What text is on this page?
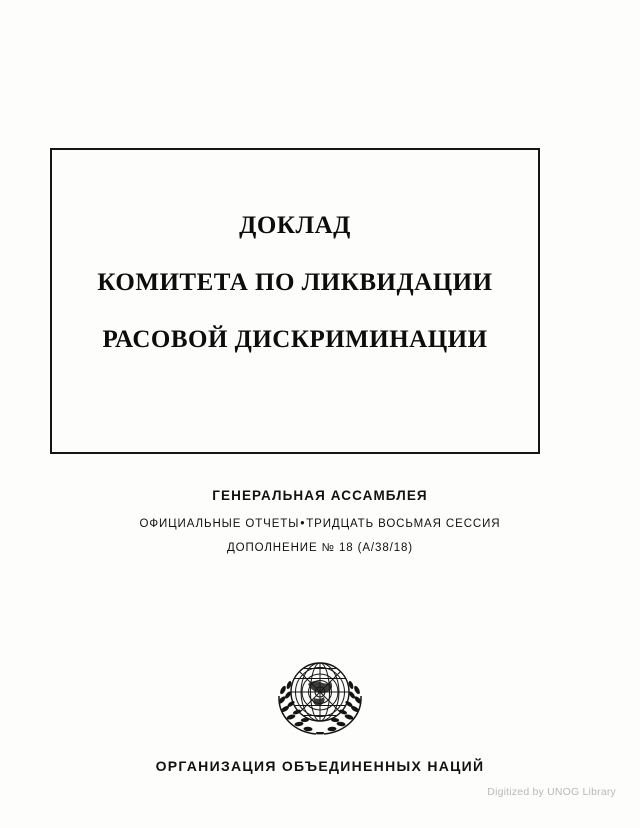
ДОКЛАД
КОМИТЕТА ПО ЛИКВИДАЦИИ
РАСОВОЙ ДИСКРИМИНАЦИИ
ГЕНЕРАЛЬНАЯ АССАМБЛЕЯ
ОФИЦИАЛЬНЫЕ ОТЧЕТЫ•ТРИДЦАТЬ ВОСЬМАЯ СЕССИЯ
ДОПОЛНЕНИЕ № 18 (A/38/18)
ОРГАНИЗАЦИЯ ОБЪЕДИНЕННЫХ НАЦИЙ
Digitized by UNOG Library
